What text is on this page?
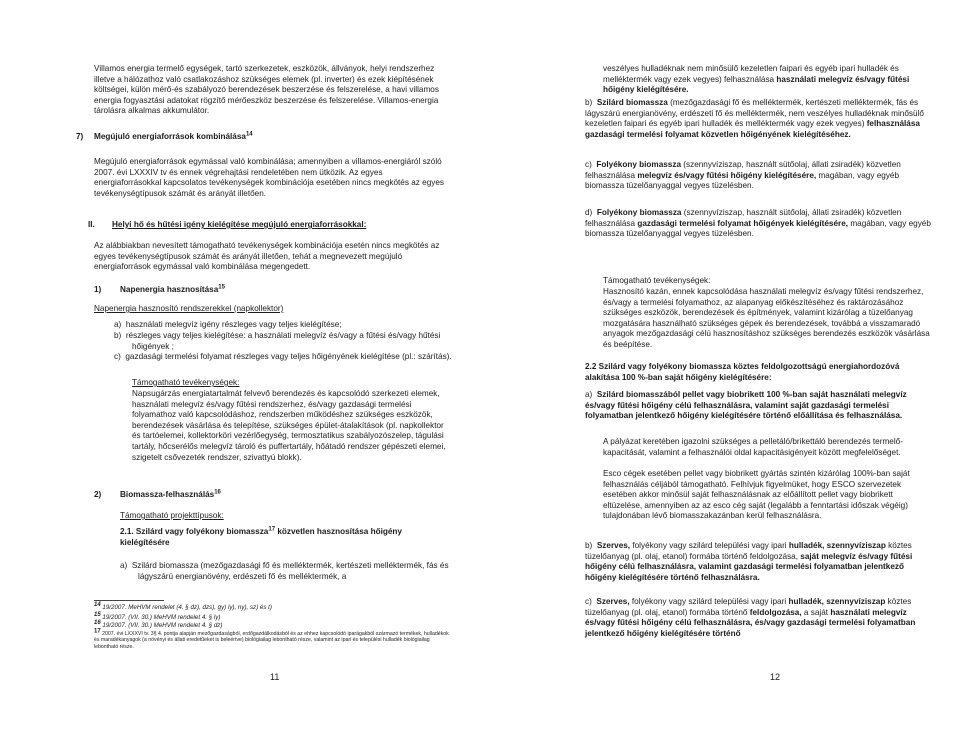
Villamos energia termelő egységek, tartó szerkezetek, eszközök, állványok, helyi rendszerhez illetve a hálózathoz való csatlakozáshoz szükséges elemek (pl. inverter) és ezek kiépítésének költségei, külön mérő-és szabályozó berendezések beszerzése és felszerelése, a havi villamos energia fogyasztási adatokat rögzítő mérőeszköz beszerzése és felszerelése. Villamos-energia tárolásra alkalmas akkumulátor.

7) Megújuló energiaforrások kombinálása$^{14}$

Megújuló energiaforrások egymással való kombinálása; amennyiben a villamos-energiáról szóló 2007. évi LXXXIV tv és ennek végrehajtási rendeletében nem ütközik. Az egyes energiaforrásokkal kapcsolatos tevékenységek kombinációja esetében nincs megkötés az egyes tevékenységtípusok számát és arányát illetően.

II. Helyi hő és hűtési igény kielégítése megújuló energiaforrásokkal:

Az alábbiakban nevesített támogatható tevékenységek kombinációja esetén nincs megkötés az egyes tevékenységtípusok számát és arányát illetően, tehát a megnevezett megújuló energiaforrások egymással való kombinálása megengedett.

1) Napenergia hasznosítása$^{15}$

Napenergia hasznosító rendszerekkel (napkollektor)

a)  használati melegvíz igény részleges vagy teljes kielégítése;

b)  részleges vagy teljes kielégítése: a használati melegvíz és/vagy a fűtési és/vagy hűtési hőigények ;

c)  gazdasági termelési folyamat részleges vagy teljes hőigényének kielégítése (pl.: szárítás).

Támogatható tevékenységek:

Napsugárzás energiatartalmát felvevő berendezés és kapcsolódó szerkezeti elemek, használati melegvíz és/vagy fűtési rendszerhez, és/vagy gazdasági termelési folyamathoz való kapcsolódáshoz, rendszerben működéshez szükséges eszközök, berendezések vásárlása és telepítése, szükséges épület-átalakítások (pl. napkollektor és tartóelemei, kollektorköri vezérlőegység, termosztatikus szabályozószelep, tágulási tartály, hőcserélős melegvíz tároló és puffertartály, hőátadó rendszer gépészeti elemei, szigetelt csővezeték rendszer, szivattyú blokk).

2) Biomassza-felhasználás$^{16}$

Támogatható projekttípusok:

2.1. Szilárd vagy folyékony biomassza$^{17}$ közvetlen hasznosítása hőigény kielégítésére

a)  Szilárd biomassza (mezőgazdasági fő és melléktermék, kertészeti melléktermék, fás és lágyszárú energianövény, erdészeti fő és melléktermék, a

14 19/2007. MeHVM rendelet (4. § dz), dzs), gy) ly), ny), sz) és t)
15 19/2007. (VII. 30.) MeHVM rendelet 4. § ly)
16 19/2007. (VII. 30.) MeHVM rendelet 4. § dz)
17 2007. évi LXXXVI tv. 3§ 4. pontja alapján mezőgazdaságból, erdőgazdálkodásból és az ehhez kapcsolódó iparágakból származó termékek, hulladékok és maradékanyagok (a növényi és állati eredetűeket is beleértve) biológiailag lebontható része, valamint az ipari és települési hulladék biológiailag lebontható része.
11

veszélyes hulladéknak nem minősülő kezeletlen faipari és egyéb ipari hulladék és melléktermék vagy ezek vegyes) felhasználása használati melegvíz és/vagy fűtési hőigény kielégítésére.

b)  Szilárd biomassza (mezőgazdasági fő és melléktermék, kertészeti melléktermék, fás és lágyszárú energianövény, erdészeti fő és melléktermék, nem veszélyes hulladéknak minősülő kezeletlen faipari és egyéb ipari hulladék és melléktermék vagy ezek vegyes) felhasználása gazdasági termelési folyamat közvetlen hőigényének kielégítéséhez.

c)  Folyékony biomassza (szennyvíziszap, használt sütőolaj, állati zsiradék) közvetlen felhasználása melegvíz és/vagy fűtési hőigény kielégítésére, magában, vagy egyéb biomassza tüzelőanyaggal vegyes tüzelésben.

d)  Folyékony biomassza (szennyvíziszap, használt sütőolaj, állati zsiradék) közvetlen felhasználása gazdasági termelési folyamat hőigények kielégítésére, magában, vagy egyéb biomassza tüzelőanyaggal vegyes tüzelésben.

Támogatható tevékenységek:

Hasznosító kazán, ennek kapcsolódása használati melegvíz és/vagy fűtési rendszerhez, és/vagy a termelési folyamathoz, az alapanyag előkészítéséhez és raktározásához szükséges eszközök, berendezések és építmények, valamint kizárólag a tüzelőanyag mozgatására használható szükséges gépek és berendezések, továbbá a visszamaradó anyagok mezőgazdasági célú hasznosításhoz szükséges berendezés eszközök vásárlása és beépítése.

2.2 Szilárd vagy folyékony biomassza köztes feldolgozottságú energiahordozóvá alakítása 100 %-ban saját hőigény kielégítésére:

a)  Szilárd biomasszából pellet vagy biobrikett 100 %-ban saját használati melegvíz és/vagy fűtési hőigény célú felhasználásra, valamint saját gazdasági termelési folyamatban jelentkező hőigény kielégítésére történő előállítása és felhasználása.

A pályázat keretében igazolni szükséges a pelletáló/brikettáló berendezés termelő-kapacitását, valamint a felhasználói oldal kapacitásigényeit között megfelelőséget.

Esco cégek esetében pellet vagy biobrikett gyártás szintén kizárólag 100%-ban saját felhasználás céljából támogatható. Felhívjuk figyelmüket, hogy ESCO szervezetek esetében akkor minősül saját felhasználásnak az előállított pellet vagy biobrikett eltüzelése, amennyiben az az esco cég saját (legalább a fenntartási időszak végéig) tulajdonában lévő biomasszakazánban kerül felhasználásra.

b)  Szerves, folyékony vagy szilárd települési vagy ipari hulladék, szennyvíziszap köztes tüzelőanyag (pl. olaj, etanol) formába történő feldolgozása, saját melegvíz és/vagy fűtési hőigény célú felhasználásra, valamint gazdasági termelési folyamatban jelentkező hőigény kielégítésére történő felhasználásra.

c)  Szerves, folyékony vagy szilárd települési vagy ipari hulladék, szennyvíziszap köztes tüzelőanyag (pl. olaj, etanol) formába történő feldolgozása, a saját használati melegvíz és/vagy fűtési hőigény célú felhasználásra, és/vagy gazdasági termelési folyamatban jelentkező hőigény kielégítésére történő

12
